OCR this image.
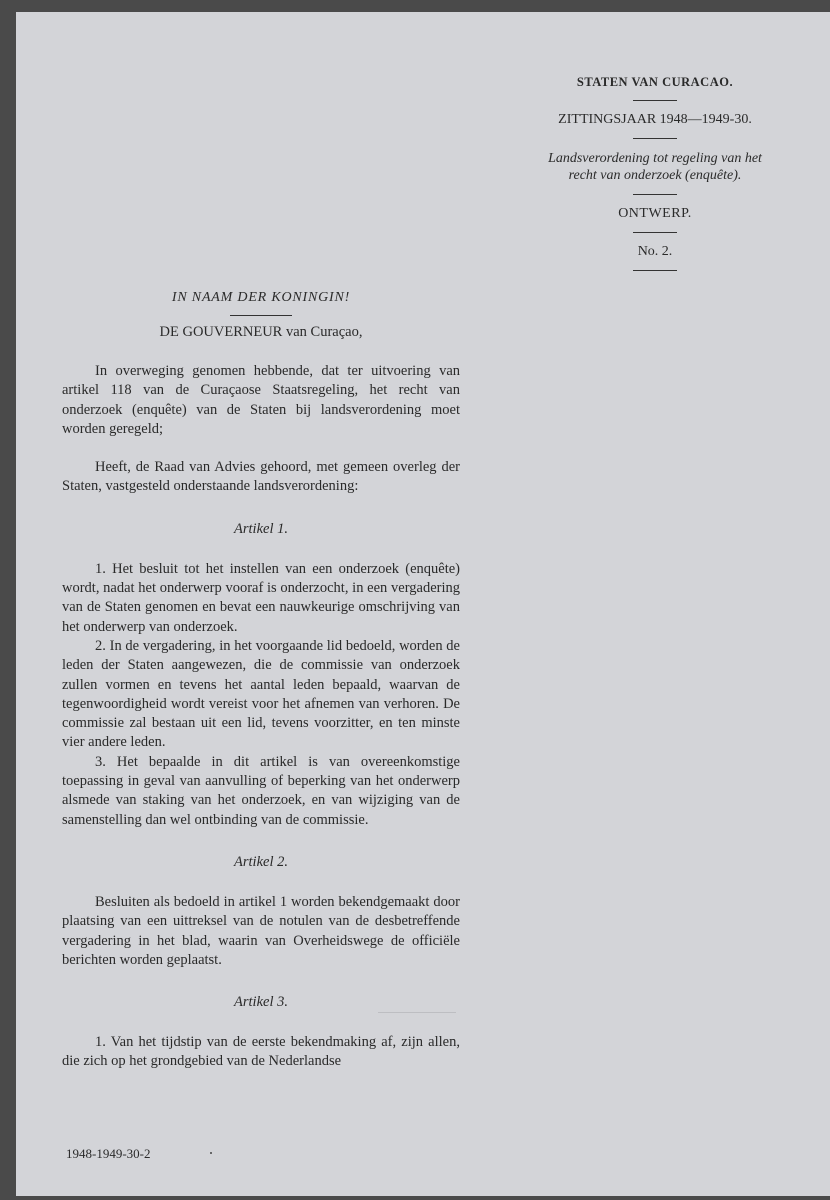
STATEN VAN CURACAO.
ZITTINGSJAAR 1948—1949-30.
Landsverordening tot regeling van het
recht van onderzoek (enquête).
ONTWERP.
No. 2.
IN NAAM DER KONINGIN!
DE GOUVERNEUR van Curaçao,

In overweging genomen hebbende, dat ter uitvoering van artikel 118 van de Curaçaose Staatsregeling, het recht van onderzoek (enquête) van de Staten bij landsverordening moet worden geregeld;

Heeft, de Raad van Advies gehoord, met gemeen overleg der Staten, vastgesteld onderstaande landsverordening:

Artikel 1.

1. Het besluit tot het instellen van een onderzoek (enquête) wordt, nadat het onderwerp vooraf is onderzocht, in een vergadering van de Staten genomen en bevat een nauwkeurige omschrijving van het onderwerp van onderzoek.

2. In de vergadering, in het voorgaande lid bedoeld, worden de leden der Staten aangewezen, die de commissie van onderzoek zullen vormen en tevens het aantal leden bepaald, waarvan de tegenwoordigheid wordt vereist voor het afnemen van verhoren. De commissie zal bestaan uit een lid, tevens voorzitter, en ten minste vier andere leden.

3. Het bepaalde in dit artikel is van overeenkomstige toepassing in geval van aanvulling of beperking van het onderwerp alsmede van staking van het onderzoek, en van wijziging van de samenstelling dan wel ontbinding van de commissie.

Artikel 2.

Besluiten als bedoeld in artikel 1 worden bekendgemaakt door plaatsing van een uittreksel van de notulen van de desbetreffende vergadering in het blad, waarin van Overheidswege de officiële berichten worden geplaatst.

Artikel 3.

1. Van het tijdstip van de eerste bekendmaking af, zijn allen, die zich op het grondgebied van de Nederlandse

1948-1949-30-2
